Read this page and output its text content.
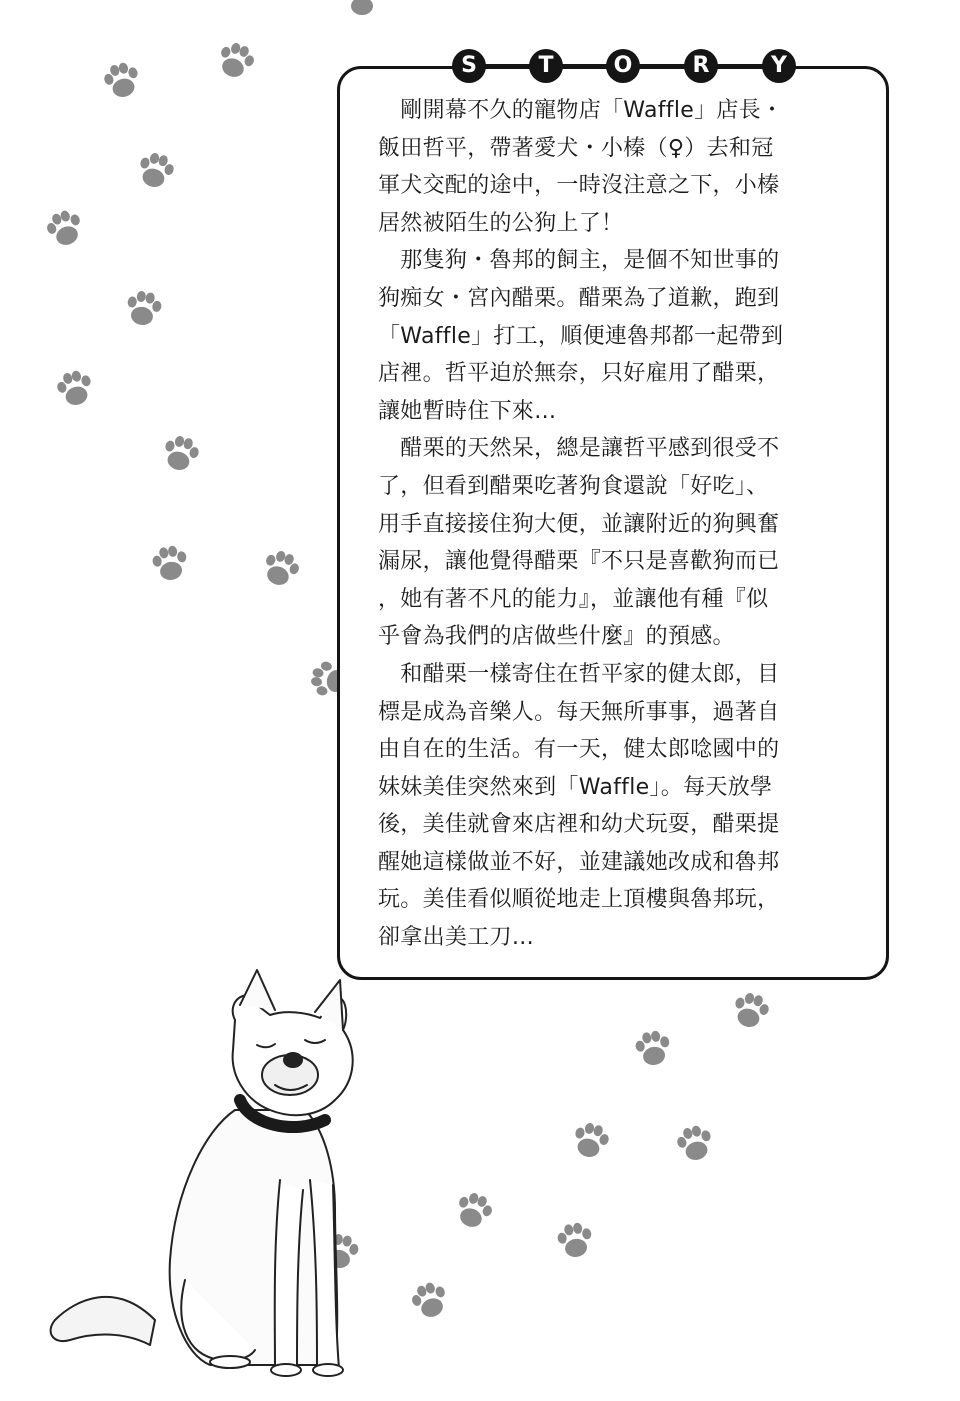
S	T	O	R	Y

　剛開幕不久的寵物店「Waffle」店長・

飯田哲平，帶著愛犬・小榛（♀）去和冠

軍犬交配的途中，一時沒注意之下，小榛

居然被陌生的公狗上了！

　那隻狗・魯邦的飼主，是個不知世事的

狗痴女・宮內醋栗。醋栗為了道歉，跑到

「Waffle」打工，順便連魯邦都一起帶到

店裡。哲平迫於無奈，只好雇用了醋栗，

讓她暫時住下來…

　醋栗的天然呆，總是讓哲平感到很受不

了，但看到醋栗吃著狗食還說「好吃」、

用手直接接住狗大便，並讓附近的狗興奮

漏尿，讓他覺得醋栗『不只是喜歡狗而已

，她有著不凡的能力』，並讓他有種『似

乎會為我們的店做些什麼』的預感。

　和醋栗一樣寄住在哲平家的健太郎，目

標是成為音樂人。每天無所事事，過著自

由自在的生活。有一天，健太郎唸國中的

妹妹美佳突然來到「Waffle」。每天放學

後，美佳就會來店裡和幼犬玩耍，醋栗提

醒她這樣做並不好，並建議她改成和魯邦

玩。美佳看似順從地走上頂樓與魯邦玩，

卻拿出美工刀…
